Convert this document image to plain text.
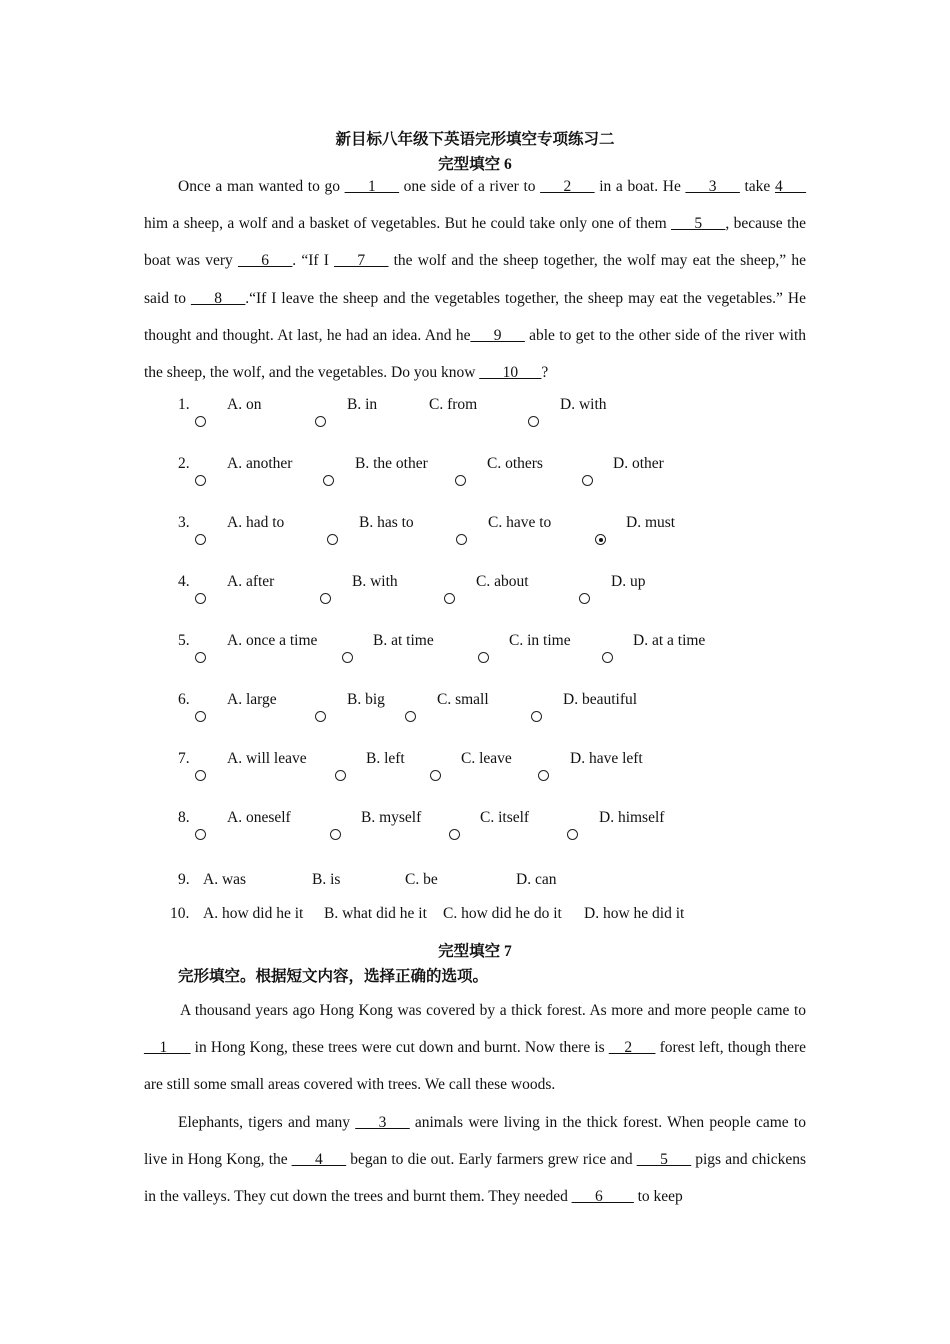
新目标八年级下英语完形填空专项练习二
完型填空 6

Once a man wanted to go ___1___ one side of a river to ___2___ in a boat. He ___3___ take 4___ him a sheep, a wolf and a basket of vegetables. But he could take only one of them ___5___, because the boat was very ___6___. “If I ___7___ the wolf and the sheep together, the wolf may eat the sheep,” he said to ___8___.“If I leave the sheep and the vegetables together, the sheep may eat the vegetables.” He thought and thought. At last, he had an idea. And he___9___ able to get to the other side of the river with the sheep, the wolf, and the vegetables. Do you know ___10___?

1. A. on	B. in	C. from	D. with
2. A. another	B. the other	C. others	D. other
3. A. had to	B. has to	C. have to	D. must
4. A. after	B. with	C. about	D. up
5. A. once a time	B. at time	C. in time	D. at a time
6. A. large	B. big	C. small	D. beautiful
7. A. will leave	B. left	C. leave	D. have left
8. A. oneself	B. myself	C. itself	D. himself
9. A. was	B. is	C. be	D. can
10. A. how did he it B. what did he it C. how did he do it D. how he did it
完型填空 7
完形填空。根据短文内容，选择正确的选项。

A thousand years ago Hong Kong was covered by a thick forest. As more and more people came to __1___ in Hong Kong, these trees were cut down and burnt. Now there is __2___ forest left, though there are still some small areas covered with trees. We call these woods.

Elephants, tigers and many ___3___ animals were living in the thick forest. When people came to live in Hong Kong, the ___4___ began to die out. Early farmers grew rice and ___5___ pigs and chickens in the valleys. They cut down the trees and burnt them. They needed ___6____ to keep
